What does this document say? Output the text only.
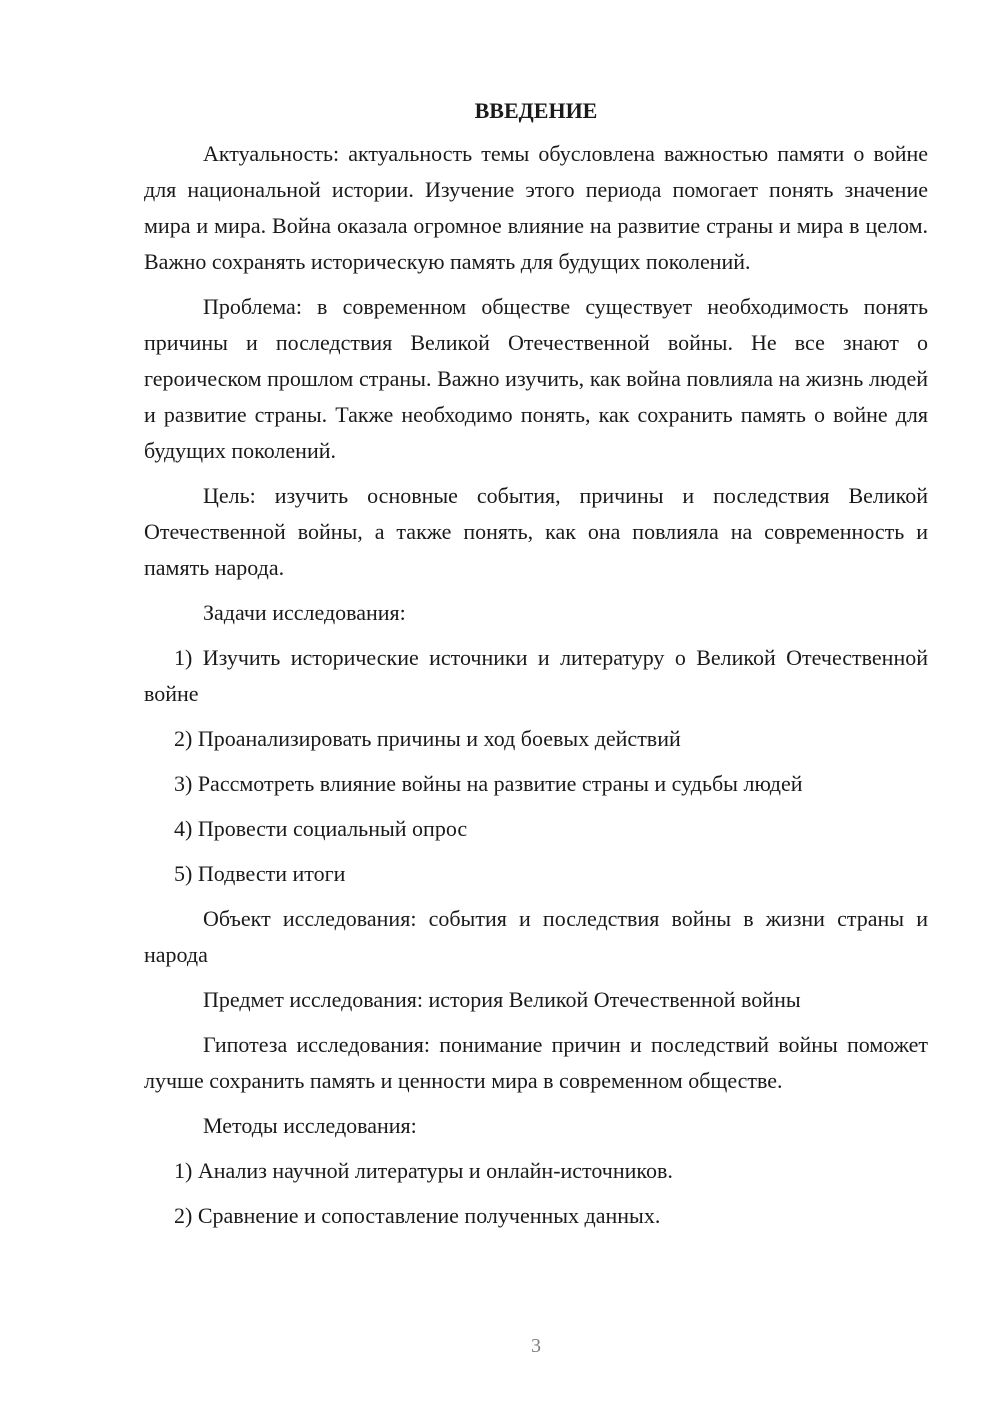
ВВЕДЕНИЕ

Актуальность: актуальность темы обусловлена важностью памяти о войне для национальной истории. Изучение этого периода помогает понять значение мира и мира. Война оказала огромное влияние на развитие страны и мира в целом. Важно сохранять историческую память для будущих поколений.

Проблема: в современном обществе существует необходимость понять причины и последствия Великой Отечественной войны. Не все знают о героическом прошлом страны. Важно изучить, как война повлияла на жизнь людей и развитие страны. Также необходимо понять, как сохранить память о войне для будущих поколений.

Цель: изучить основные события, причины и последствия Великой Отечественной войны, а также понять, как она повлияла на современность и память народа.

Задачи исследования:

1) Изучить исторические источники и литературу о Великой Отечественной войне

2) Проанализировать причины и ход боевых действий

3) Рассмотреть влияние войны на развитие страны и судьбы людей

4) Провести социальный опрос

5) Подвести итоги

Объект исследования: события и последствия войны в жизни страны и народа

Предмет исследования: история Великой Отечественной войны

Гипотеза исследования: понимание причин и последствий войны поможет лучше сохранить память и ценности мира в современном обществе.

Методы исследования:

1) Анализ научной литературы и онлайн-источников.

2) Сравнение и сопоставление полученных данных.

3
